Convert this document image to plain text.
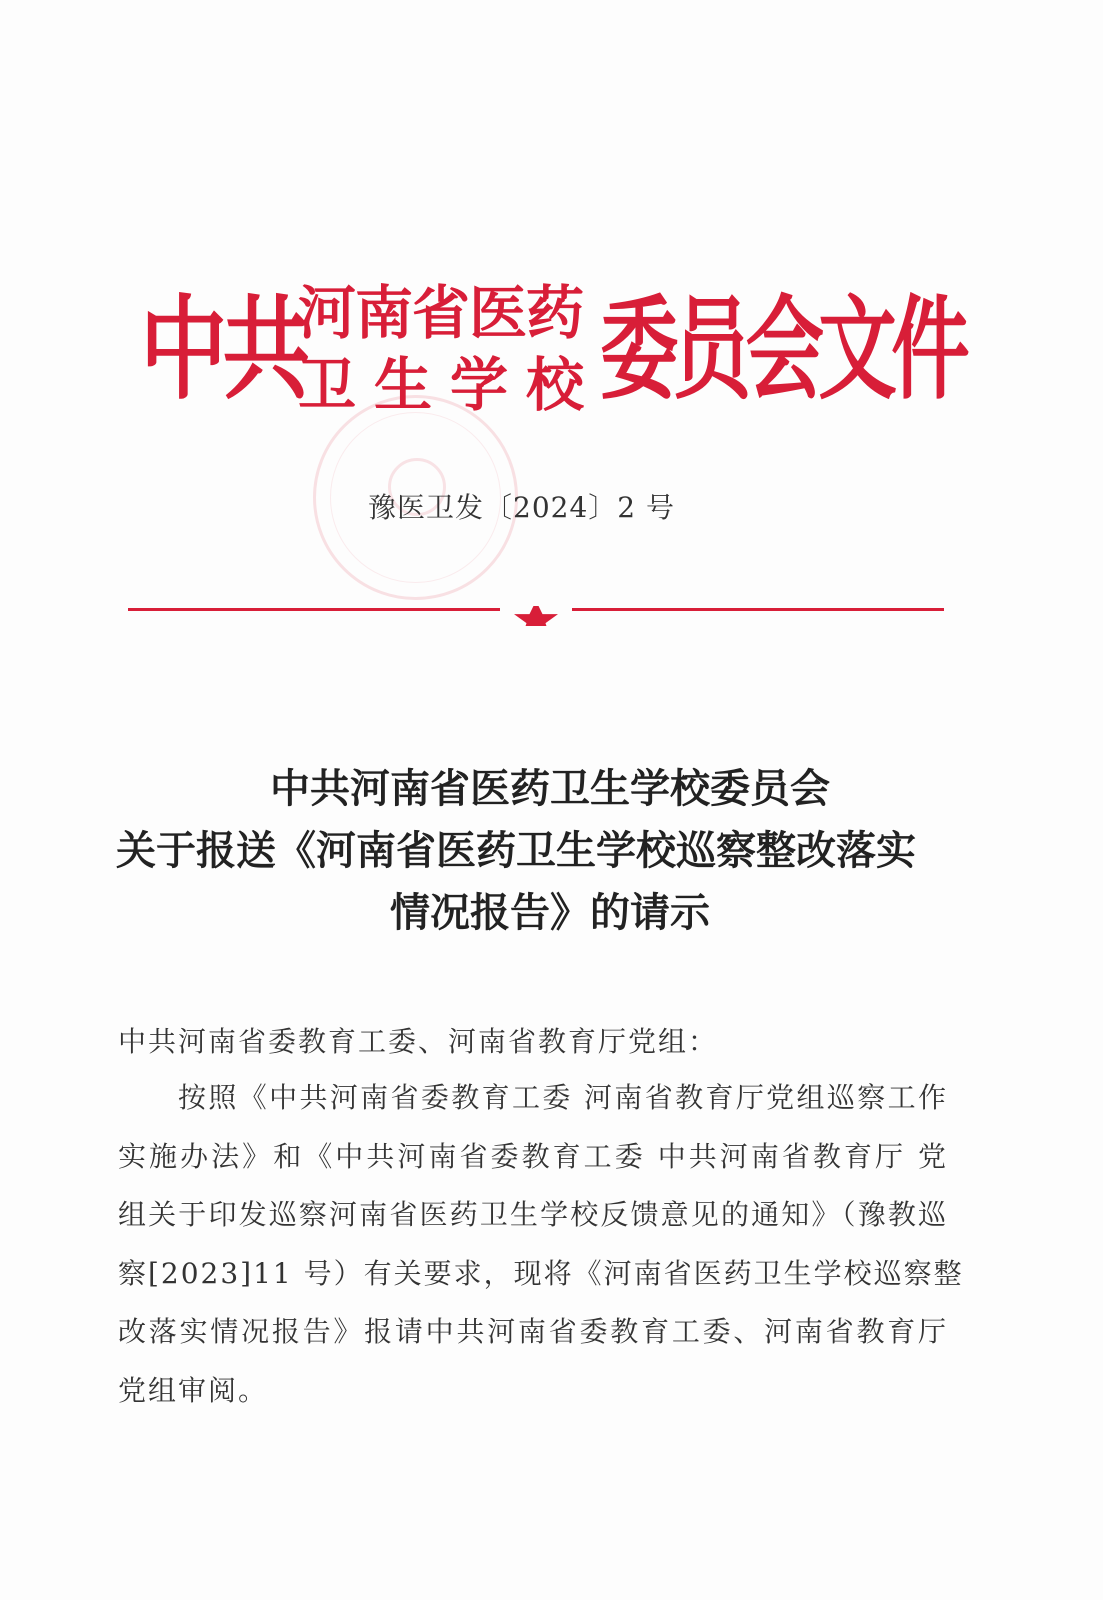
中共
河南省医药
卫生学校
委员会文件
豫医卫发〔2024〕2 号
中共河南省医药卫生学校委员会
关于报送《河南省医药卫生学校巡察整改落实
情况报告》的请示
中共河南省委教育工委、河南省教育厅党组：
按照《中共河南省委教育工委 河南省教育厅党组巡察工作
实施办法》和《中共河南省委教育工委 中共河南省教育厅 党
组关于印发巡察河南省医药卫生学校反馈意见的通知》（豫教巡
察[2023]11 号）有关要求，现将《河南省医药卫生学校巡察整
改落实情况报告》报请中共河南省委教育工委、河南省教育厅
党组审阅。
